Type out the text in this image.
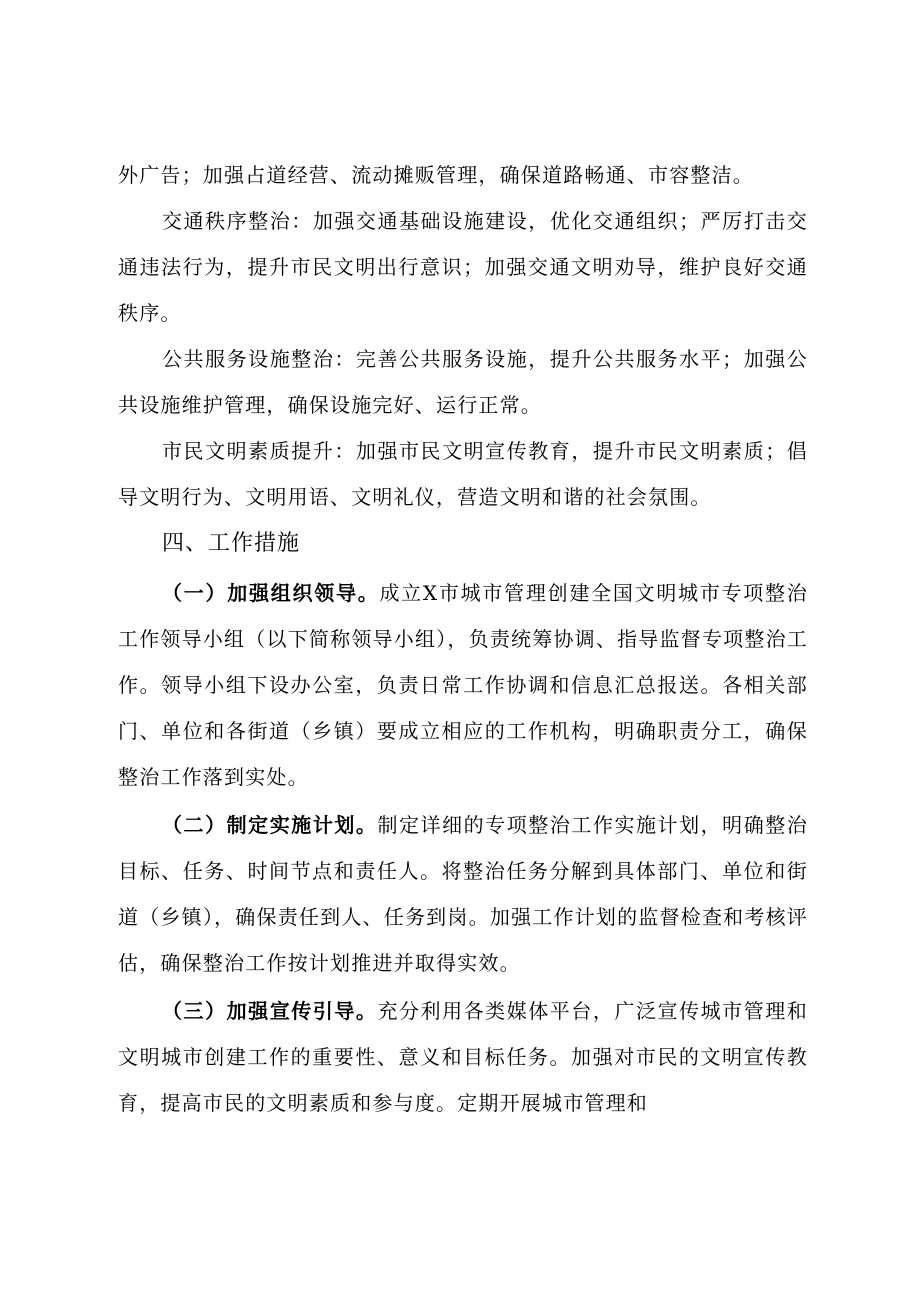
外广告；加强占道经营、流动摊贩管理，确保道路畅通、市容整洁。

交通秩序整治：加强交通基础设施建设，优化交通组织；严厉打击交通违法行为，提升市民文明出行意识；加强交通文明劝导，维护良好交通秩序。

公共服务设施整治：完善公共服务设施，提升公共服务水平；加强公共设施维护管理，确保设施完好、运行正常。

市民文明素质提升：加强市民文明宣传教育，提升市民文明素质；倡导文明行为、文明用语、文明礼仪，营造文明和谐的社会氛围。

四、工作措施

（一）加强组织领导。成立X市城市管理创建全国文明城市专项整治工作领导小组（以下简称领导小组），负责统筹协调、指导监督专项整治工作。领导小组下设办公室，负责日常工作协调和信息汇总报送。各相关部门、单位和各街道（乡镇）要成立相应的工作机构，明确职责分工，确保整治工作落到实处。

（二）制定实施计划。制定详细的专项整治工作实施计划，明确整治目标、任务、时间节点和责任人。将整治任务分解到具体部门、单位和街道（乡镇），确保责任到人、任务到岗。加强工作计划的监督检查和考核评估，确保整治工作按计划推进并取得实效。

（三）加强宣传引导。充分利用各类媒体平台，广泛宣传城市管理和文明城市创建工作的重要性、意义和目标任务。加强对市民的文明宣传教育，提高市民的文明素质和参与度。定期开展城市管理和
